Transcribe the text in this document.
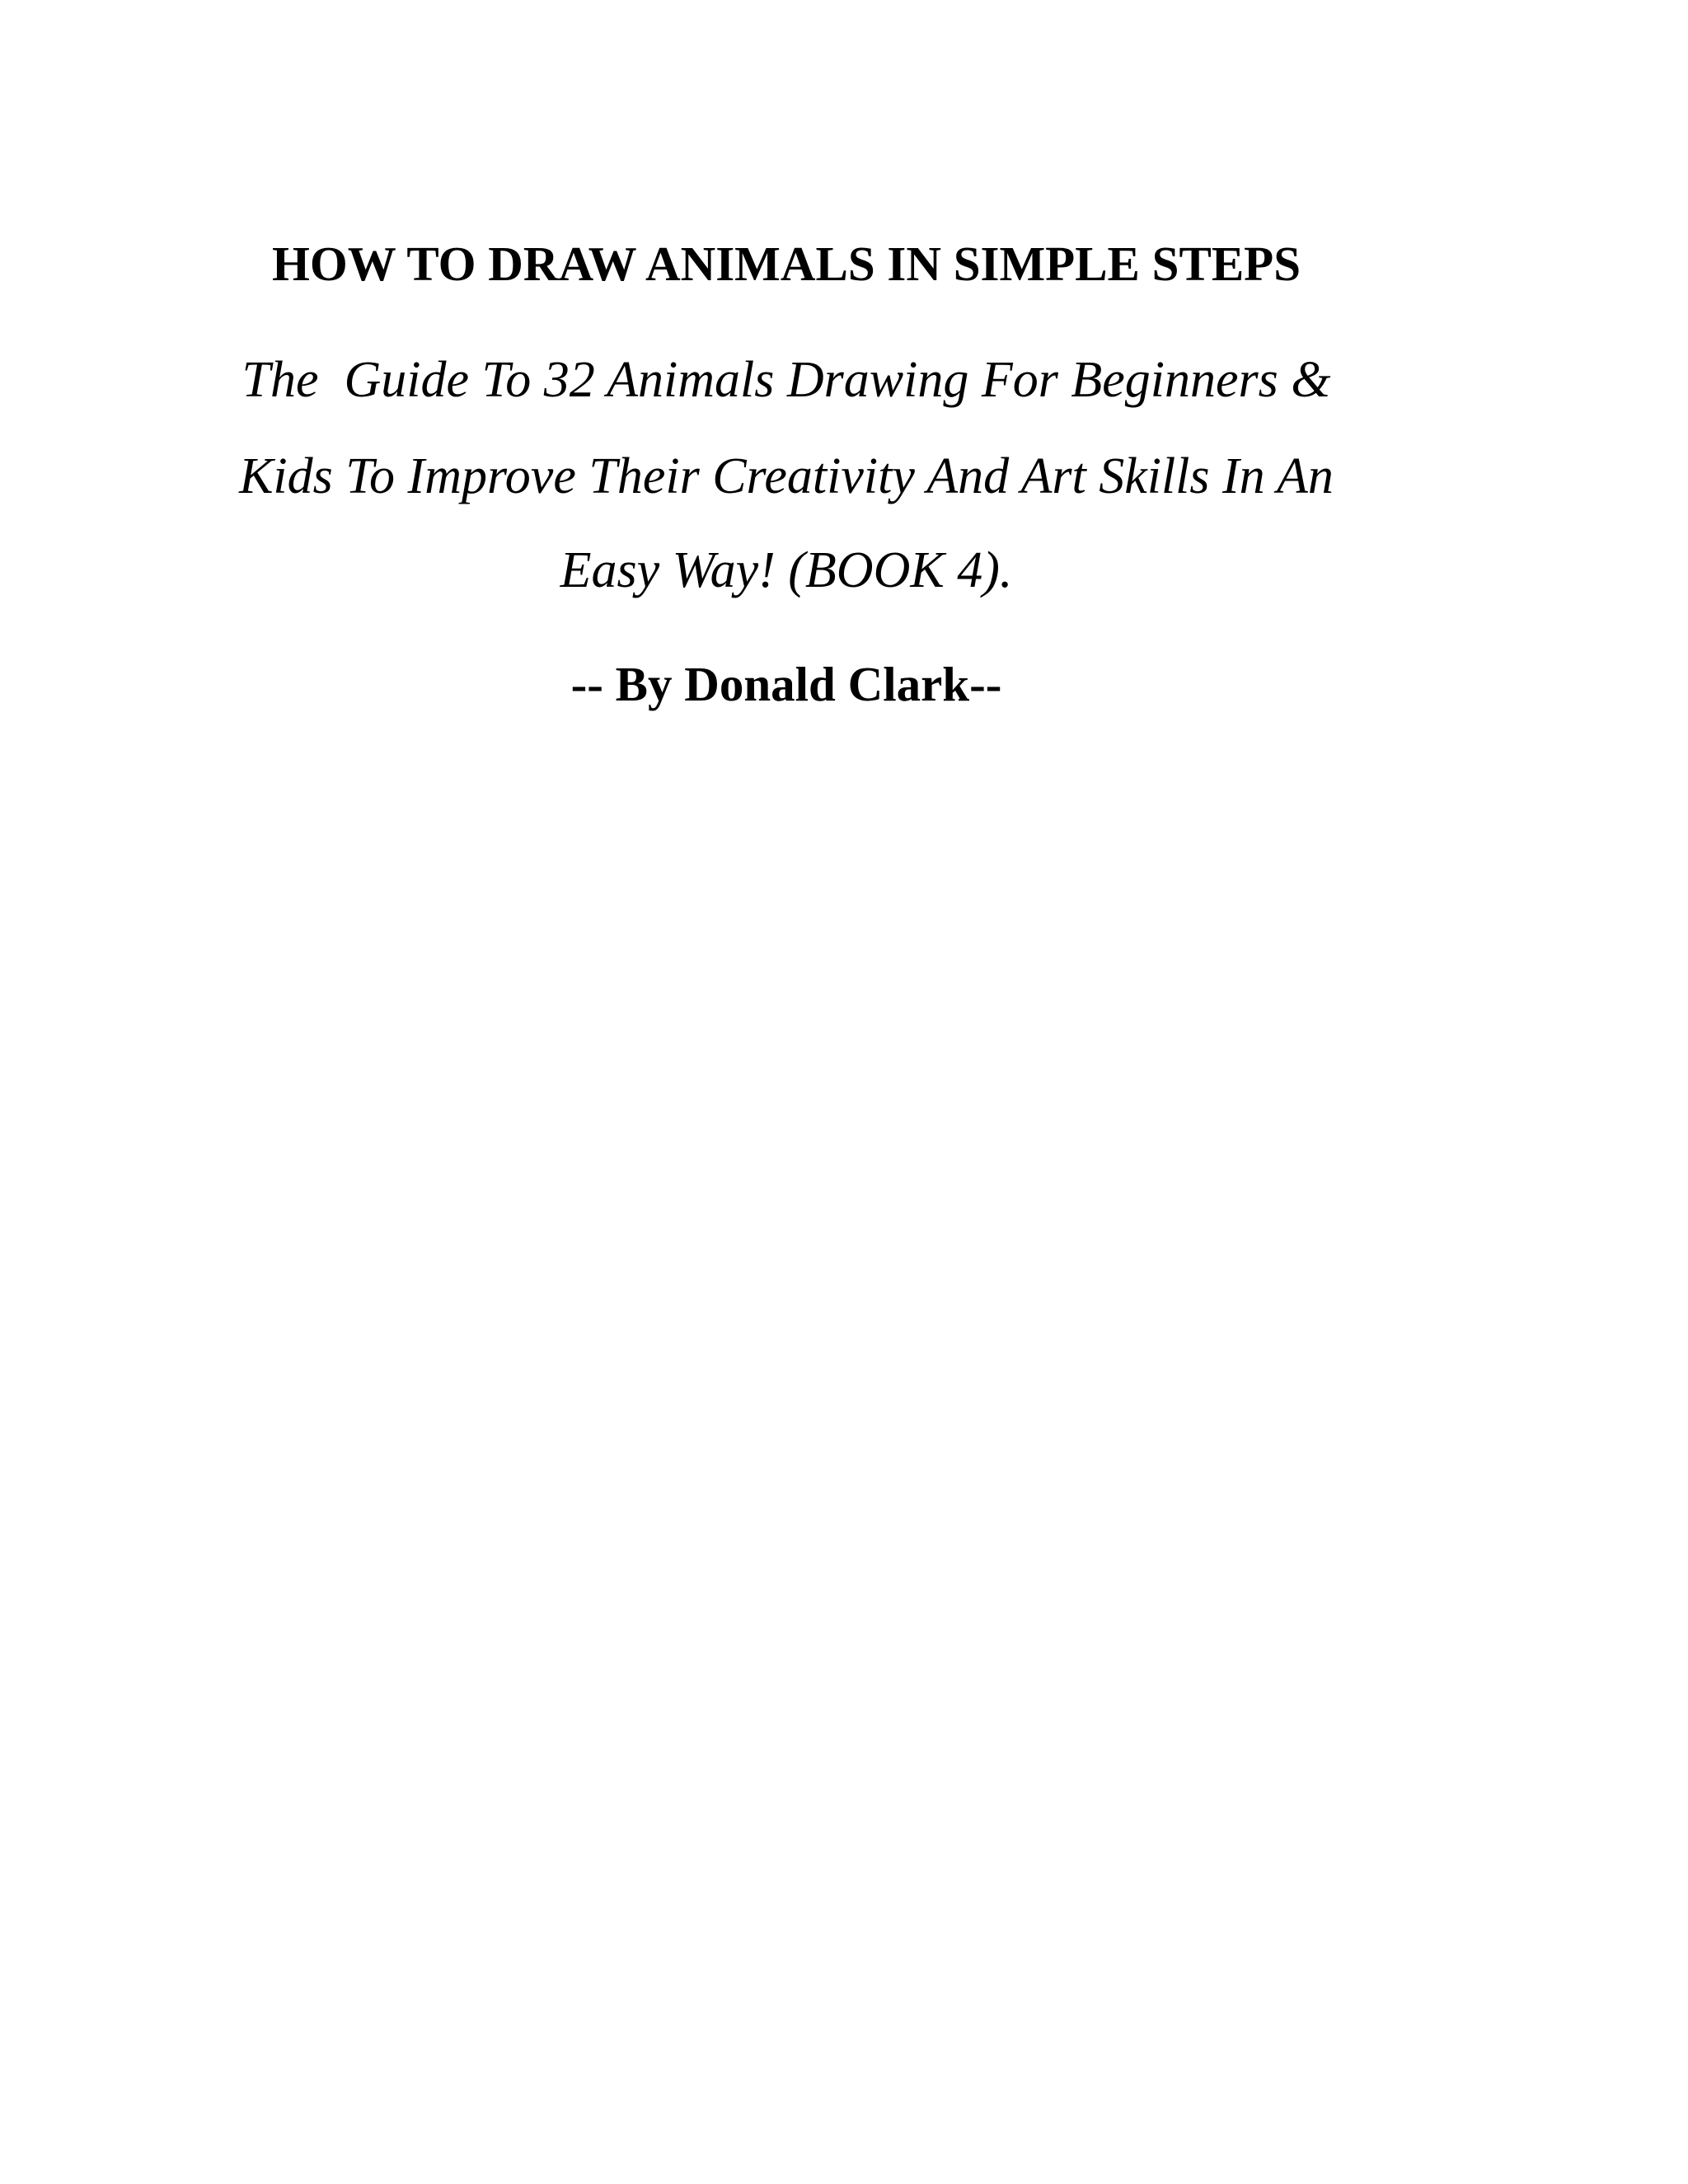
HOW TO DRAW ANIMALS IN SIMPLE STEPS
The  Guide To 32 Animals Drawing For Beginners &
Kids To Improve Their Creativity And Art Skills In An
Easy Way! (BOOK 4).
-- By Donald Clark--
